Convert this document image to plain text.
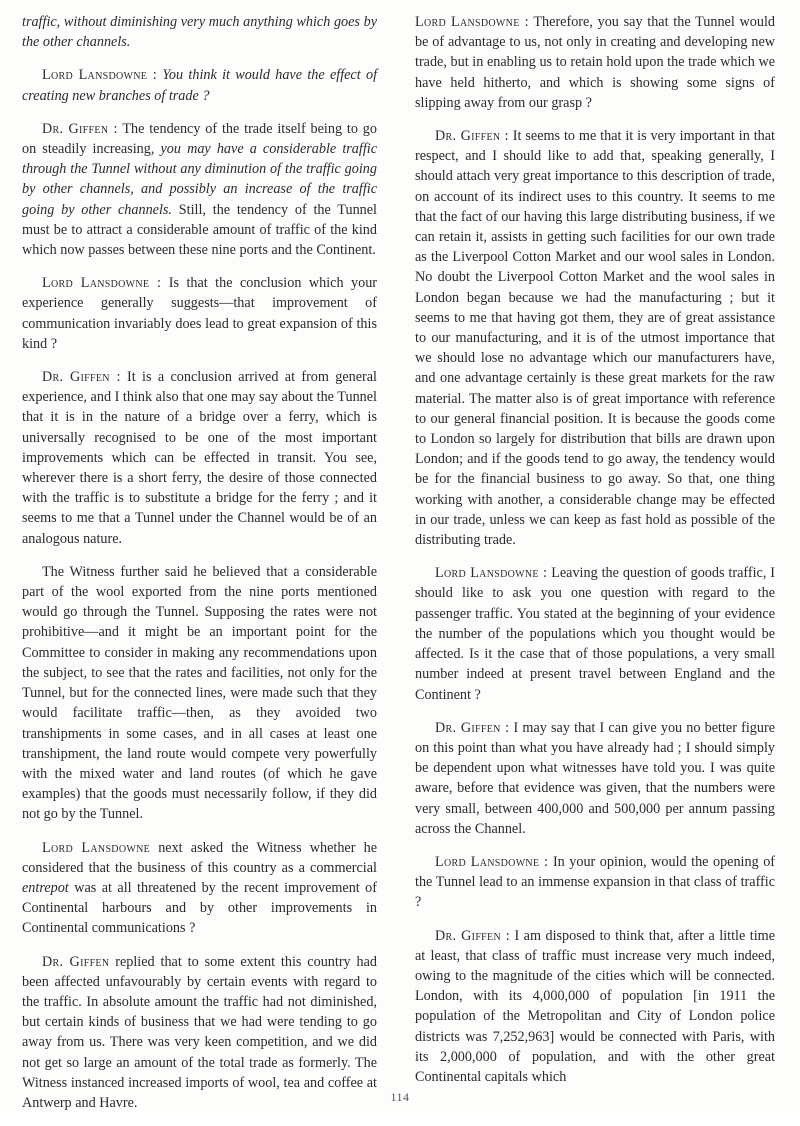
traffic, without diminishing very much anything which goes by the other channels.

Lord Lansdowne : You think it would have the effect of creating new branches of trade ?

Dr. Giffen : The tendency of the trade itself being to go on steadily increasing, you may have a considerable traffic through the Tunnel without any diminution of the traffic going by other channels, and possibly an increase of the traffic going by other channels. Still, the tendency of the Tunnel must be to attract a considerable amount of traffic of the kind which now passes between these nine ports and the Continent.

Lord Lansdowne : Is that the conclusion which your experience generally suggests—that improvement of communication invariably does lead to great expansion of this kind ?

Dr. Giffen : It is a conclusion arrived at from general experience, and I think also that one may say about the Tunnel that it is in the nature of a bridge over a ferry, which is universally recognised to be one of the most important improvements which can be effected in transit. You see, wherever there is a short ferry, the desire of those connected with the traffic is to substitute a bridge for the ferry ; and it seems to me that a Tunnel under the Channel would be of an analogous nature.

The Witness further said he believed that a considerable part of the wool exported from the nine ports mentioned would go through the Tunnel. Supposing the rates were not prohibitive—and it might be an important point for the Committee to consider in making any recommendations upon the subject, to see that the rates and facilities, not only for the Tunnel, but for the connected lines, were made such that they would facilitate traffic—then, as they avoided two transhipments in some cases, and in all cases at least one transhipment, the land route would compete very powerfully with the mixed water and land routes (of which he gave examples) that the goods must necessarily follow, if they did not go by the Tunnel.

Lord Lansdowne next asked the Witness whether he considered that the business of this country as a commercial entrepot was at all threatened by the recent improvement of Continental harbours and by other improvements in Continental communications ?

Dr. Giffen replied that to some extent this country had been affected unfavourably by certain events with regard to the traffic. In absolute amount the traffic had not diminished, but certain kinds of business that we had were tending to go away from us. There was very keen competition, and we did not get so large an amount of the total trade as formerly. The Witness instanced increased imports of wool, tea and coffee at Antwerp and Havre.

Lord Lansdowne : Therefore, you say that the Tunnel would be of advantage to us, not only in creating and developing new trade, but in enabling us to retain hold upon the trade which we have held hitherto, and which is showing some signs of slipping away from our grasp ?

Dr. Giffen : It seems to me that it is very important in that respect, and I should like to add that, speaking generally, I should attach very great importance to this description of trade, on account of its indirect uses to this country. It seems to me that the fact of our having this large distributing business, if we can retain it, assists in getting such facilities for our own trade as the Liverpool Cotton Market and our wool sales in London. No doubt the Liverpool Cotton Market and the wool sales in London began because we had the manufacturing ; but it seems to me that having got them, they are of great assistance to our manufacturing, and it is of the utmost importance that we should lose no advantage which our manufacturers have, and one advantage certainly is these great markets for the raw material. The matter also is of great importance with reference to our general financial position. It is because the goods come to London so largely for distribution that bills are drawn upon London; and if the goods tend to go away, the tendency would be for the financial business to go away. So that, one thing working with another, a considerable change may be effected in our trade, unless we can keep as fast hold as possible of the distributing trade.

Lord Lansdowne : Leaving the question of goods traffic, I should like to ask you one question with regard to the passenger traffic. You stated at the beginning of your evidence the number of the populations which you thought would be affected. Is it the case that of those populations, a very small number indeed at present travel between England and the Continent ?

Dr. Giffen : I may say that I can give you no better figure on this point than what you have already had ; I should simply be dependent upon what witnesses have told you. I was quite aware, before that evidence was given, that the numbers were very small, between 400,000 and 500,000 per annum passing across the Channel.

Lord Lansdowne : In your opinion, would the opening of the Tunnel lead to an immense expansion in that class of traffic ?

Dr. Giffen : I am disposed to think that, after a little time at least, that class of traffic must increase very much indeed, owing to the magnitude of the cities which will be connected. London, with its 4,000,000 of population [in 1911 the population of the Metropolitan and City of London police districts was 7,252,963] would be connected with Paris, with its 2,000,000 of population, and with the other great Continental capitals which

114
